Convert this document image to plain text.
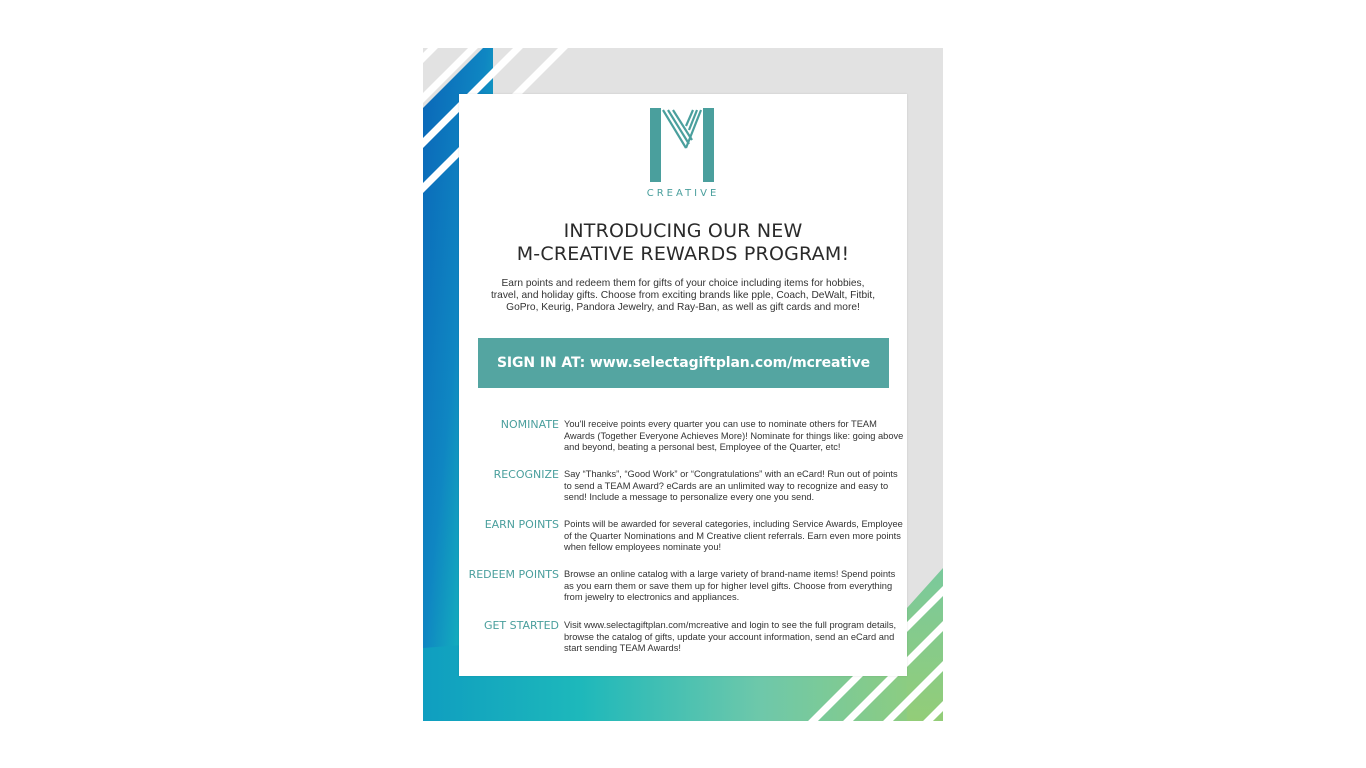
CREATIVE
INTRODUCING OUR NEW
M-CREATIVE REWARDS PROGRAM!
Earn points and redeem them for gifts of your choice including items for hobbies, travel, and holiday gifts. Choose from exciting brands like pple, Coach, DeWalt, Fitbit, GoPro, Keurig, Pandora Jewelry, and Ray-Ban, as well as gift cards and more!
SIGN IN AT: www.selectagiftplan.com/mcreative
NOMINATE You'll receive points every quarter you can use to nominate others for TEAM Awards (Together Everyone Achieves More)! Nominate for things like: going above and beyond, beating a personal best, Employee of the Quarter, etc!
RECOGNIZE Say “Thanks”, “Good Work” or “Congratulations” with an eCard! Run out of points to send a TEAM Award? eCards are an unlimited way to recognize and easy to send! Include a message to personalize every one you send.
EARN POINTS Points will be awarded for several categories, including Service Awards, Employee of the Quarter Nominations and M Creative client referrals. Earn even more points when fellow employees nominate you!
REDEEM POINTS Browse an online catalog with a large variety of brand-name items! Spend points as you earn them or save them up for higher level gifts. Choose from everything from jewelry to electronics and appliances.
GET STARTED Visit www.selectagiftplan.com/mcreative and login to see the full program details, browse the catalog of gifts, update your account information, send an eCard and start sending TEAM Awards!
